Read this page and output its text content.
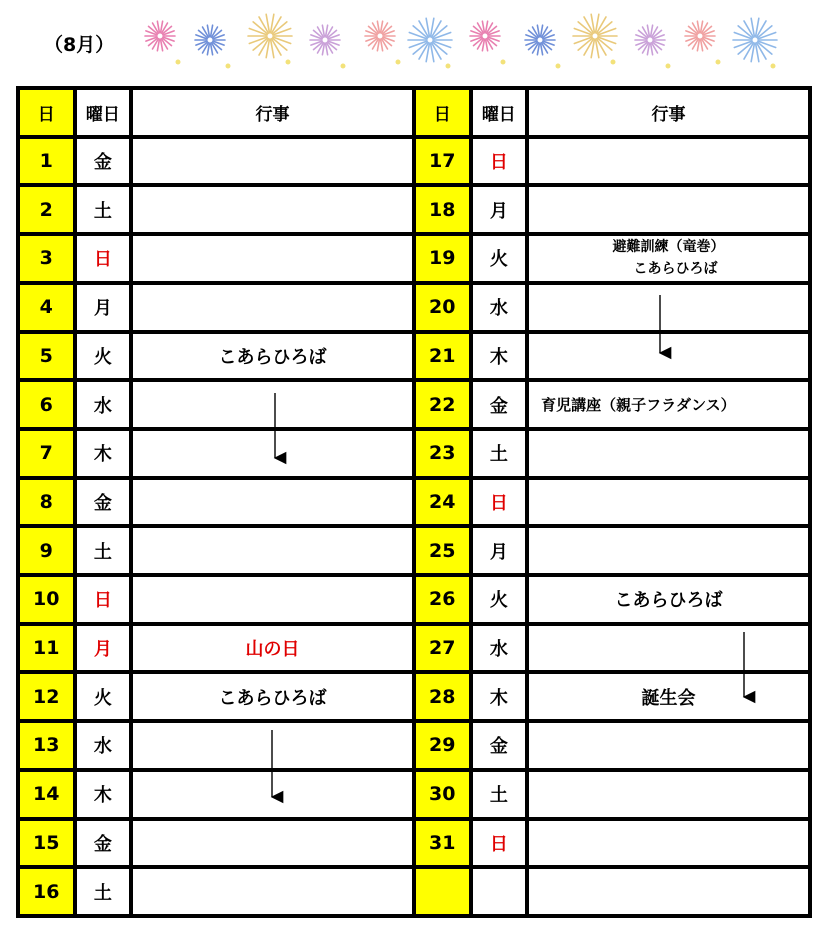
（8月）
日	曜日	行事	日	曜日	行事
1	金		17	日	
2	土		18	月	
3	日		19	火	避難訓練（竜巻）
こあらひろば

4	月		20	水	
5	火	こあらひろば	21	木	
6	水		22	金	育児講座（親子フラダンス）
7	木		23	土	
8	金		24	日	
9	土		25	月	
10	日		26	火	こあらひろば
11	月	山の日	27	水	
12	火	こあらひろば	28	木	誕生会
13	水		29	金	
14	木		30	土	
15	金		31	日	
16	土				
